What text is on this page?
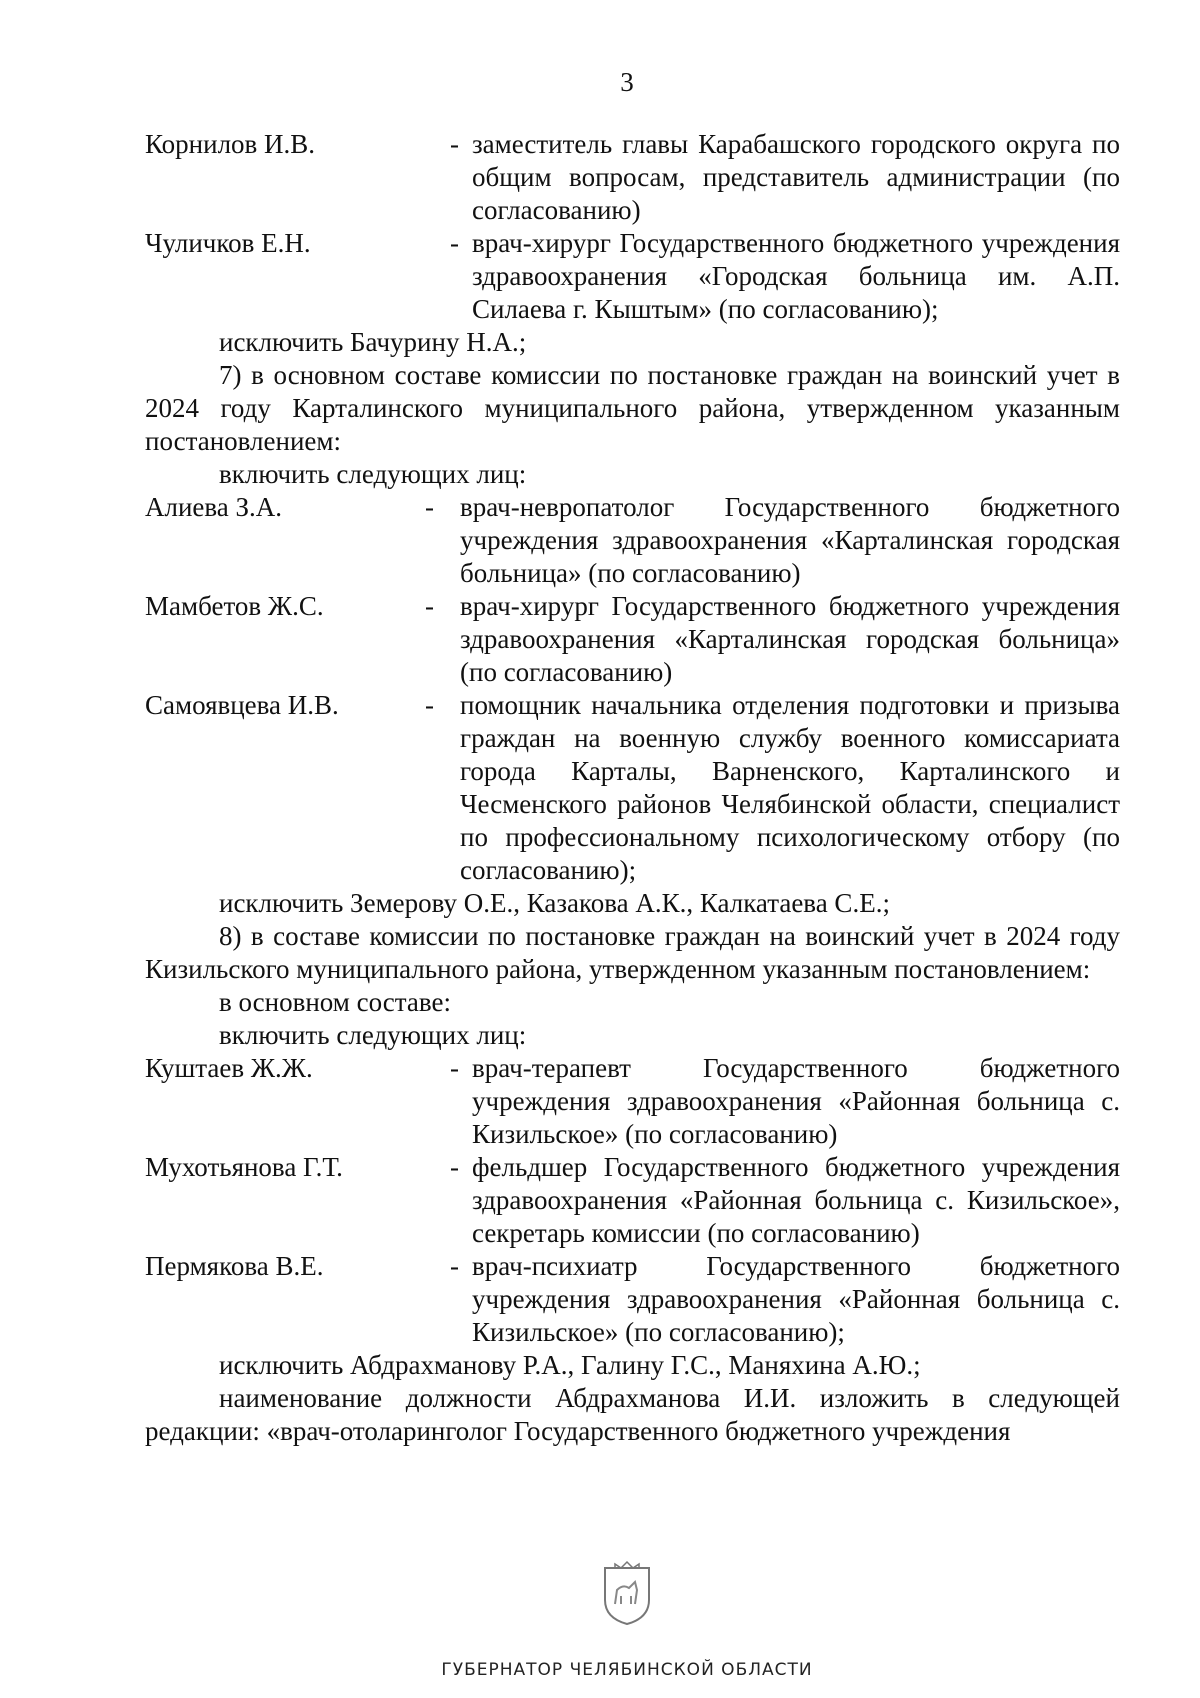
3
Корнилов И.В.	- заместитель главы Карабашского городского округа по общим вопросам, представитель администрации (по согласованию)
Чуличков Е.Н.	- врач-хирург Государственного бюджетного учреждения здравоохранения «Городская больница им. А.П. Силаева г. Кыштым» (по согласованию);

исключить Бачурину Н.А.;

7) в основном составе комиссии по постановке граждан на воинский учет в 2024 году Карталинского муниципального района, утвержденном указанным постановлением:

включить следующих лиц:

Алиева З.А.	- врач-невропатолог Государственного бюджетного учреждения здравоохранения «Карталинская городская больница» (по согласованию)
Мамбетов Ж.С.	- врач-хирург Государственного бюджетного учреждения здравоохранения «Карталинская городская больница» (по согласованию)
Самоявцева И.В.	- помощник начальника отделения подготовки и призыва граждан на военную службу военного комиссариата города Карталы, Варненского, Карталинского и Чесменского районов Челябинской области, специалист по профессиональному психологическому отбору (по согласованию);

исключить Земерову О.Е., Казакова А.К., Калкатаева С.Е.;

8) в составе комиссии по постановке граждан на воинский учет в 2024 году Кизильского муниципального района, утвержденном указанным постановлением:

в основном составе:

включить следующих лиц:

Куштаев Ж.Ж.	- врач-терапевт Государственного бюджетного учреждения здравоохранения «Районная больница с. Кизильское» (по согласованию)
Мухотьянова Г.Т.	- фельдшер Государственного бюджетного учреждения здравоохранения «Районная больница с. Кизильское», секретарь комиссии (по согласованию)
Пермякова В.Е.	- врач-психиатр Государственного бюджетного учреждения здравоохранения «Районная больница с. Кизильское» (по согласованию);

исключить Абдрахманову Р.А., Галину Г.С., Маняхина А.Ю.;

наименование должности Абдрахманова И.И. изложить в следующей редакции: «врач-отоларинголог Государственного бюджетного учреждения

ГУБЕРНАТОР ЧЕЛЯБИНСКОЙ ОБЛАСТИ
